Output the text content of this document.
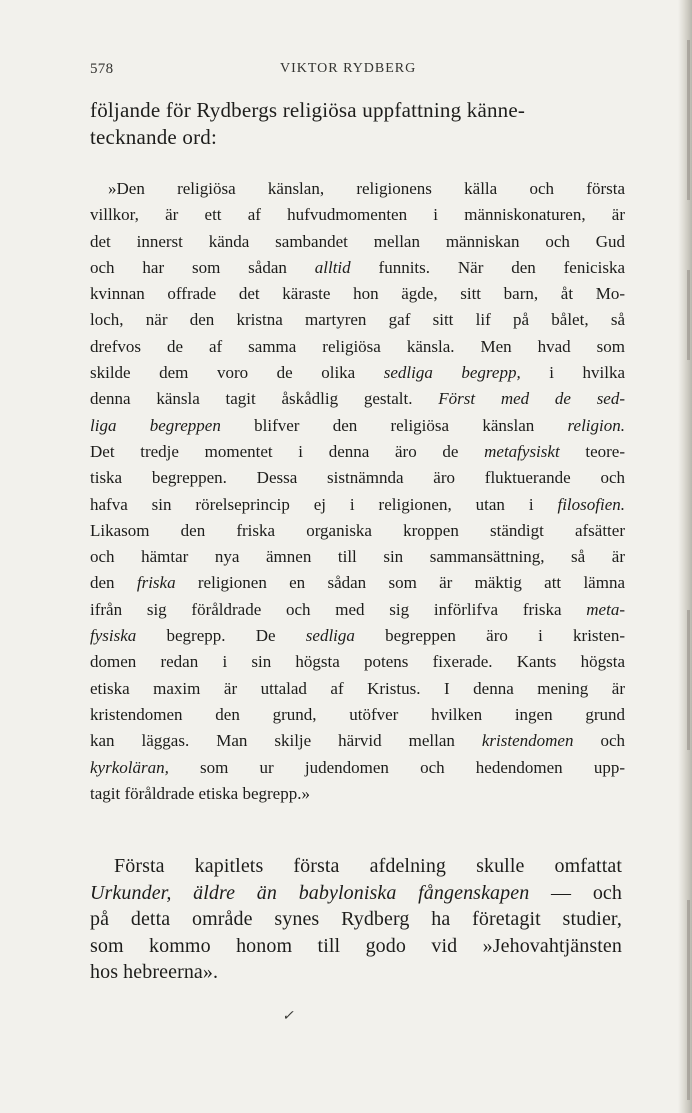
578	VIKTOR RYDBERG
följande för Rydbergs religiösa uppfattning känne-
tecknande ord:
»Den religiösa känslan, religionens källa och första
villkor, är ett af hufvudmomenten i människonaturen, är
det innerst kända sambandet mellan människan och Gud
och har som sådan alltid funnits. När den feniciska
kvinnan offrade det käraste hon ägde, sitt barn, åt Mo-
loch, när den kristna martyren gaf sitt lif på bålet, så
drefvos de af samma religiösa känsla. Men hvad som
skilde dem voro de olika sedliga begrepp, i hvilka
denna känsla tagit åskådlig gestalt. Först med de sed-
liga begreppen blifver den religiösa känslan religion.
Det tredje momentet i denna äro de metafysiskt teore-
tiska begreppen. Dessa sistnämnda äro fluktuerande och
hafva sin rörelseprincip ej i religionen, utan i filosofien.
Likasom den friska organiska kroppen ständigt afsätter
och hämtar nya ämnen till sin sammansättning, så är
den friska religionen en sådan som är mäktig att lämna
ifrån sig föråldrade och med sig införlifva friska meta-
fysiska begrepp. De sedliga begreppen äro i kristen-
domen redan i sin högsta potens fixerade. Kants högsta
etiska maxim är uttalad af Kristus. I denna mening är
kristendomen den grund, utöfver hvilken ingen grund
kan läggas. Man skilje härvid mellan kristendomen och
kyrkoläran, som ur judendomen och hedendomen upp-
tagit föråldrade etiska begrepp.»
Första kapitlets första afdelning skulle omfattat
Urkunder, äldre än babyloniska fångenskapen — och
på detta område synes Rydberg ha företagit studier,
som kommo honom till godo vid »Jehovahtjänsten
hos hebreerna».
✓
